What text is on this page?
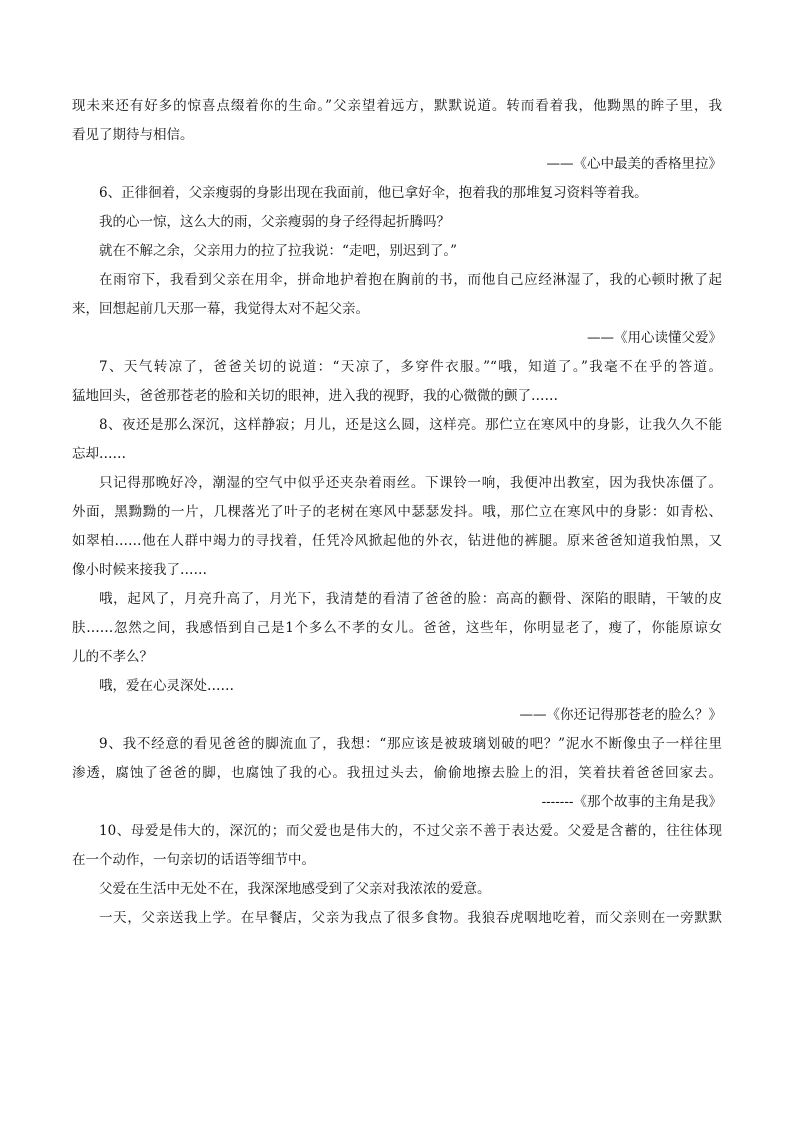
现未来还有好多的惊喜点缀着你的生命。”父亲望着远方，默默说道。转而看着我，他黝黑的眸子里，我

看见了期待与相信。

——《心中最美的香格里拉》

6、正徘徊着，父亲瘦弱的身影出现在我面前，他已拿好伞，抱着我的那堆复习资料等着我。

我的心一惊，这么大的雨，父亲瘦弱的身子经得起折腾吗？

就在不解之余，父亲用力的拉了拉我说：“走吧，别迟到了。”

在雨帘下，我看到父亲在用伞，拼命地护着抱在胸前的书，而他自己应经淋湿了，我的心顿时揪了起

来，回想起前几天那一幕，我觉得太对不起父亲。

——《用心读懂父爱》

7、天气转凉了，爸爸关切的说道：“天凉了，多穿件衣服。”“哦，知道了。”我毫不在乎的答道。

猛地回头，爸爸那苍老的脸和关切的眼神，进入我的视野，我的心微微的颤了……

8、夜还是那么深沉，这样静寂；月儿，还是这么圆，这样亮。那伫立在寒风中的身影，让我久久不能

忘却……

只记得那晚好冷，潮湿的空气中似乎还夹杂着雨丝。下课铃一响，我便冲出教室，因为我快冻僵了。

外面，黑黝黝的一片，几棵落光了叶子的老树在寒风中瑟瑟发抖。哦，那伫立在寒风中的身影：如青松、

如翠柏……他在人群中竭力的寻找着，任凭冷风掀起他的外衣，钻进他的裤腿。原来爸爸知道我怕黑，又

像小时候来接我了……

哦，起风了，月亮升高了，月光下，我清楚的看清了爸爸的脸：高高的颧骨、深陷的眼睛，干皱的皮

肤……忽然之间，我感悟到自己是1个多么不孝的女儿。爸爸，这些年，你明显老了，瘦了，你能原谅女

儿的不孝么？

哦，爱在心灵深处……

——《你还记得那苍老的脸么？》

9、我不经意的看见爸爸的脚流血了，我想：“那应该是被玻璃划破的吧？”泥水不断像虫子一样往里

渗透，腐蚀了爸爸的脚，也腐蚀了我的心。我扭过头去，偷偷地擦去脸上的泪，笑着扶着爸爸回家去。

-------《那个故事的主角是我》

10、母爱是伟大的，深沉的；而父爱也是伟大的，不过父亲不善于表达爱。父爱是含蓄的，往往体现

在一个动作，一句亲切的话语等细节中。

父爱在生活中无处不在，我深深地感受到了父亲对我浓浓的爱意。

一天，父亲送我上学。在早餐店，父亲为我点了很多食物。我狼吞虎咽地吃着，而父亲则在一旁默默
